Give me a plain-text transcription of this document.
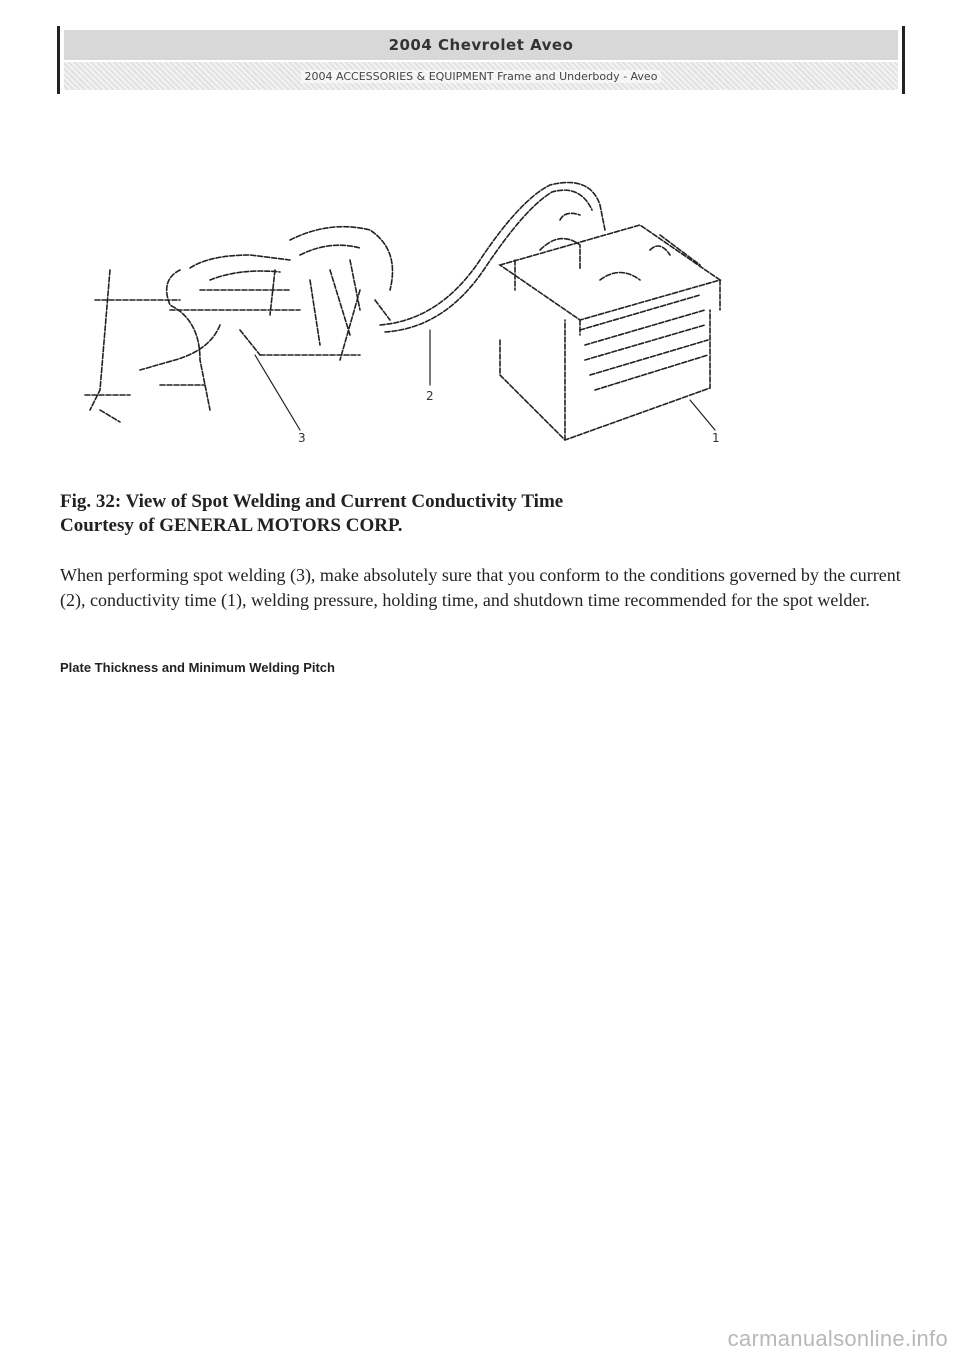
2004 Chevrolet Aveo
2004 ACCESSORIES & EQUIPMENT Frame and Underbody - Aveo
1
2
3
Fig. 32: View of Spot Welding and Current Conductivity Time
Courtesy of GENERAL MOTORS CORP.

When performing spot welding (3), make absolutely sure that you conform to the conditions governed by the current (2), conductivity time (1), welding pressure, holding time, and shutdown time recommended for the spot welder.

Plate Thickness and Minimum Welding Pitch
carmanualsonline.info
